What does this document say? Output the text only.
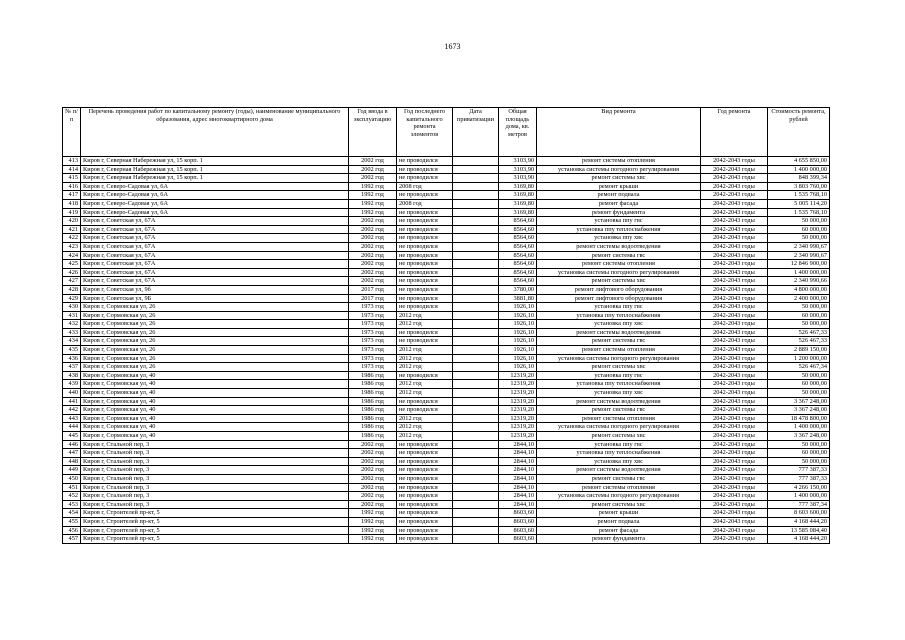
1673
№ п/п	Перечень проведения работ по капитальному ремонту (годы), наименование муниципального образования, адрес многоквартирного дома	Год ввода в эксплуатацию	Год последнего капитального ремонта элементов	Дата приватизации	Общая площадь дома, кв. метров	Вид ремонта	Год ремонта	Стоимость ремонта, рублей
413	Киров г, Северная Набережная ул, 15 корп. 1	2002 год	не проводился		3103,90	ремонт системы отопления	2042-2043 годы	4 655 850,00
414	Киров г, Северная Набережная ул, 15 корп. 1	2002 год	не проводился		3103,90	установка системы погодного регулирования	2042-2043 годы	1 400 000,00
415	Киров г, Северная Набережная ул, 15 корп. 1	2002 год	не проводился		3103,90	ремонт системы хвс	2042-2043 годы	848 399,34
416	Киров г, Северо-Садовая ул, 6А	1992 год	2008 год		3169,80	ремонт крыши	2042-2043 годы	3 803 760,00
417	Киров г, Северо-Садовая ул, 6А	1992 год	не проводился		3169,80	ремонт подвала	2042-2043 годы	1 535 768,10
418	Киров г, Северо-Садовая ул, 6А	1992 год	2008 год		3169,80	ремонт фасада	2042-2043 годы	5 005 114,20
419	Киров г, Северо-Садовая ул, 6А	1992 год	не проводился		3169,80	ремонт фундамента	2042-2043 годы	1 535 768,10
420	Киров г, Советская ул, 67А	2002 год	не проводился		8564,60	установка ппу гвс	2042-2043 годы	50 000,00
421	Киров г, Советская ул, 67А	2002 год	не проводился		8564,60	установка ппу теплоснабжения	2042-2043 годы	60 000,00
422	Киров г, Советская ул, 67А	2002 год	не проводился		8564,60	установка ппу хвс	2042-2043 годы	50 000,00
423	Киров г, Советская ул, 67А	2002 год	не проводился		8564,60	ремонт системы водоотведения	2042-2043 годы	2 340 990,67
424	Киров г, Советская ул, 67А	2002 год	не проводился		8564,60	ремонт системы гвс	2042-2043 годы	2 340 990,67
425	Киров г, Советская ул, 67А	2002 год	не проводился		8564,60	ремонт системы отопления	2042-2043 годы	12 846 900,00
426	Киров г, Советская ул, 67А	2002 год	не проводился		8564,60	установка системы погодного регулирования	2042-2043 годы	1 400 000,00
427	Киров г, Советская ул, 67А	2002 год	не проводился		8564,60	ремонт системы хвс	2042-2043 годы	2 340 990,66
428	Киров г, Советская ул, 9б	2017 год	не проводился		3780,00	ремонт лифтового оборудования	2042-2043 годы	4 800 000,00
429	Киров г, Советская ул, 9Б	2017 год	не проводился		3881,80	ремонт лифтового оборудования	2042-2043 годы	2 400 000,00
430	Киров г, Сормовская ул, 26	1973 год	не проводился		1926,10	установка ппу гвс	2042-2043 годы	50 000,00
431	Киров г, Сормовская ул, 26	1973 год	2012 год		1926,10	установка ппу теплоснабжения	2042-2043 годы	60 000,00
432	Киров г, Сормовская ул, 26	1973 год	2012 год		1926,10	установка ппу хвс	2042-2043 годы	50 000,00
433	Киров г, Сормовская ул, 26	1973 год	не проводился		1926,10	ремонт системы водоотведения	2042-2043 годы	526 467,33
434	Киров г, Сормовская ул, 26	1973 год	не проводился		1926,10	ремонт системы гвс	2042-2043 годы	526 467,33
435	Киров г, Сормовская ул, 26	1973 год	2012 год		1926,10	ремонт системы отопления	2042-2043 годы	2 889 150,00
436	Киров г, Сормовская ул, 26	1973 год	2012 год		1926,10	установка системы погодного регулирования	2042-2043 годы	1 200 000,00
437	Киров г, Сормовская ул, 26	1973 год	2012 год		1926,10	ремонт системы хвс	2042-2043 годы	526 467,34
438	Киров г, Сормовская ул, 40	1986 год	не проводился		12319,20	установка ппу гвс	2042-2043 годы	50 000,00
439	Киров г, Сормовская ул, 40	1986 год	2012 год		12319,20	установка ппу теплоснабжения	2042-2043 годы	60 000,00
440	Киров г, Сормовская ул, 40	1986 год	2012 год		12319,20	установка ппу хвс	2042-2043 годы	50 000,00
441	Киров г, Сормовская ул, 40	1986 год	не проводился		12319,20	ремонт системы водоотведения	2042-2043 годы	3 367 248,00
442	Киров г, Сормовская ул, 40	1986 год	не проводился		12319,20	ремонт системы гвс	2042-2043 годы	3 367 248,00
443	Киров г, Сормовская ул, 40	1986 год	2012 год		12319,20	ремонт системы отопления	2042-2043 годы	18 478 800,00
444	Киров г, Сормовская ул, 40	1986 год	2012 год		12319,20	установка системы погодного регулирования	2042-2043 годы	1 400 000,00
445	Киров г, Сормовская ул, 40	1986 год	2012 год		12319,20	ремонт системы хвс	2042-2043 годы	3 367 248,00
446	Киров г, Стальной пер, 3	2002 год	не проводился		2844,10	установка ппу гвс	2042-2043 годы	50 000,00
447	Киров г, Стальной пер, 3	2002 год	не проводился		2844,10	установка ппу теплоснабжения	2042-2043 годы	60 000,00
448	Киров г, Стальной пер, 3	2002 год	не проводился		2844,10	установка ппу хвс	2042-2043 годы	50 000,00
449	Киров г, Стальной пер, 3	2002 год	не проводился		2844,10	ремонт системы водоотведения	2042-2043 годы	777 387,33
450	Киров г, Стальной пер, 3	2002 год	не проводился		2844,10	ремонт системы гвс	2042-2043 годы	777 387,33
451	Киров г, Стальной пер, 3	2002 год	не проводился		2844,10	ремонт системы отопления	2042-2043 годы	4 266 150,00
452	Киров г, Стальной пер, 3	2002 год	не проводился		2844,10	установка системы погодного регулирования	2042-2043 годы	1 400 000,00
453	Киров г, Стальной пер, 3	2002 год	не проводился		2844,10	ремонт системы хвс	2042-2043 годы	777 387,34
454	Киров г, Строителей пр-кт, 5	1992 год	не проводился		8603,60	ремонт крыши	2042-2043 годы	8 603 600,00
455	Киров г, Строителей пр-кт, 5	1992 год	не проводился		8603,60	ремонт подвала	2042-2043 годы	4 168 444,20
456	Киров г, Строителей пр-кт, 5	1992 год	не проводился		8603,60	ремонт фасада	2042-2043 годы	13 585 084,40
457	Киров г, Строителей пр-кт, 5	1992 год	не проводился		8603,60	ремонт фундамента	2042-2043 годы	4 168 444,20
